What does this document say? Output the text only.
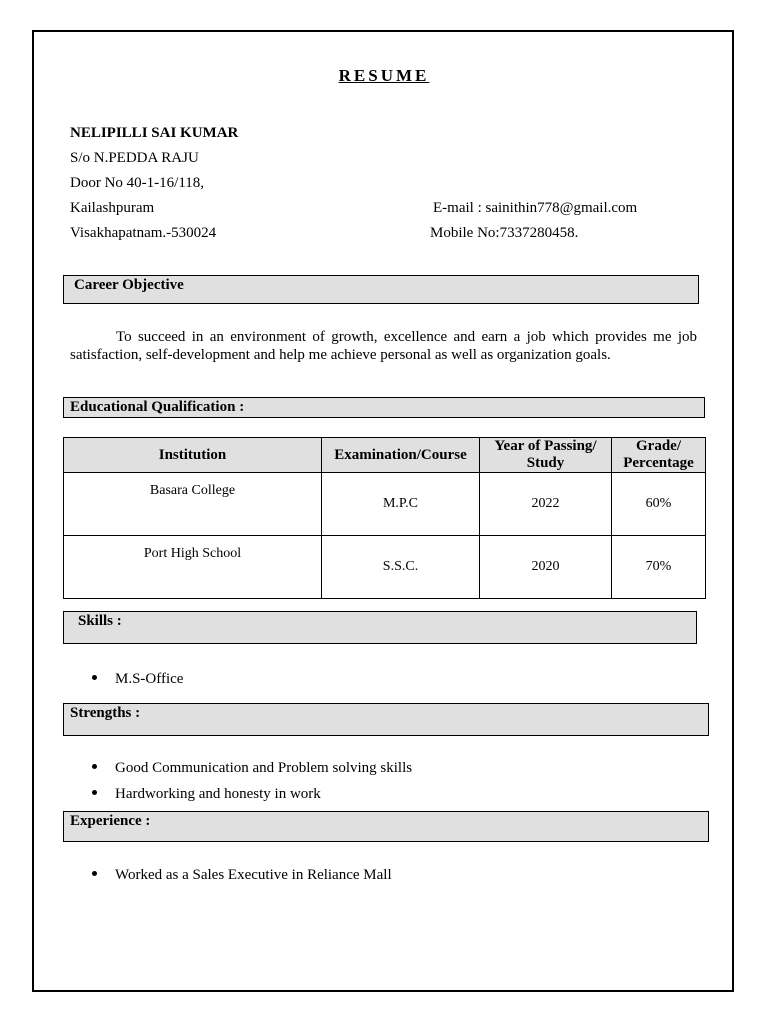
RESUME
NELIPILLI SAI KUMAR
S/o N.PEDDA RAJU
Door No 40-1-16/118,
Kailashpuram
Visakhapatnam.-530024
E-mail : sainithin778@gmail.com
Mobile No:7337280458.
Career Objective
To succeed in an environment of growth, excellence and earn a job which provides me job satisfaction, self-development and help me achieve personal as well as organization goals.
Educational Qualification :
Institution	Examination/Course	Year of Passing/ Study	Grade/ Percentage
Basara College	M.P.C	2022	60%
Port High School	S.S.C.	2020	70%
Skills :
M.S-Office
Strengths :
Good Communication and Problem solving skills
Hardworking and honesty in work
Experience :
Worked as a Sales Executive in Reliance Mall
